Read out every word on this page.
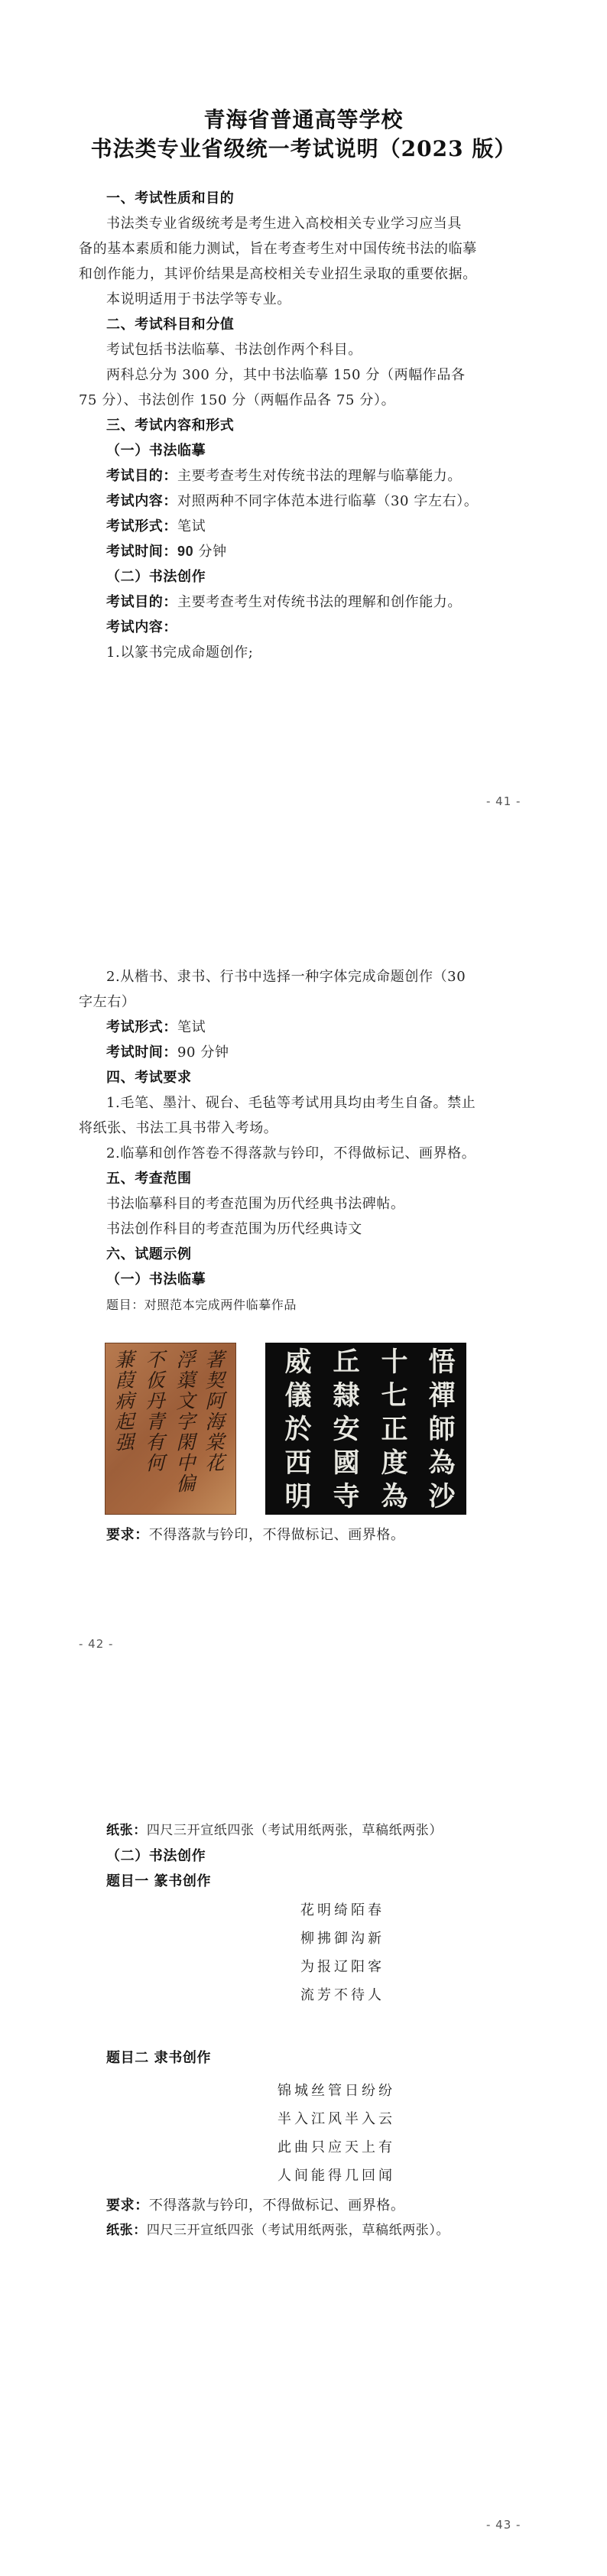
青海省普通高等学校
书法类专业省级统一考试说明（2023 版）
一、考试性质和目的
书法类专业省级统考是考生进入高校相关专业学习应当具
备的基本素质和能力测试，旨在考查考生对中国传统书法的临摹
和创作能力，其评价结果是高校相关专业招生录取的重要依据。
本说明适用于书法学等专业。
二、考试科目和分值
考试包括书法临摹、书法创作两个科目。
两科总分为 300 分，其中书法临摹 150 分（两幅作品各
75 分）、书法创作 150 分（两幅作品各 75 分）。
三、考试内容和形式
（一）书法临摹
考试目的：主要考查考生对传统书法的理解与临摹能力。
考试内容：对照两种不同字体范本进行临摹（30 字左右）。
考试形式：笔试
考试时间：90 分钟
（二）书法创作
考试目的：主要考查考生对传统书法的理解和创作能力。
考试内容：
1.以篆书完成命题创作;
- 41 -
2.从楷书、隶书、行书中选择一种字体完成命题创作（30
字左右）
考试形式：笔试
考试时间：90 分钟
四、考试要求
1.毛笔、墨汁、砚台、毛毡等考试用具均由考生自备。禁止
将纸张、书法工具书带入考场。
2.临摹和创作答卷不得落款与钤印，不得做标记、画界格。
五、考查范围
书法临摹科目的考查范围为历代经典书法碑帖。
书法创作科目的考查范围为历代经典诗文
六、试题示例
（一）书法临摹
题目：对照范本完成两件临摹作品
著契阿海棠花
浮蕖文字閑中偏
不仮丹青有何
蒹葭病起强
悟禪師為沙
十七正度為
丘隸安國寺
威儀於西明
要求：不得落款与钤印，不得做标记、画界格。
- 42 -
纸张：四尺三开宣纸四张（考试用纸两张，草稿纸两张）
（二）书法创作
题目一 篆书创作
花明绮陌春
柳拂御沟新
为报辽阳客
流芳不待人
题目二 隶书创作
锦城丝管日纷纷
半入江风半入云
此曲只应天上有
人间能得几回闻
要求：不得落款与钤印，不得做标记、画界格。
纸张：四尺三开宣纸四张（考试用纸两张，草稿纸两张）。
- 43 -
